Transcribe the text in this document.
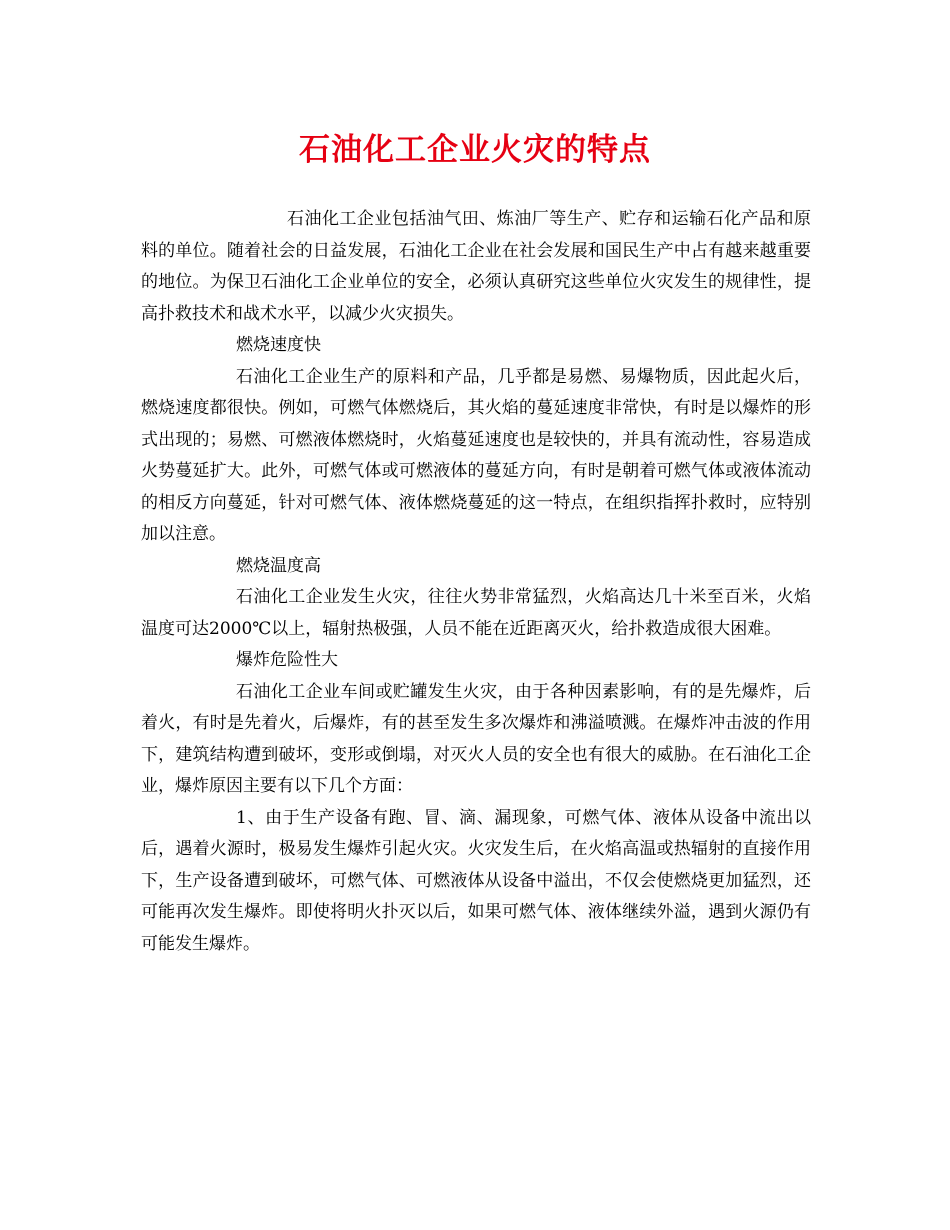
石油化工企业火灾的特点

石油化工企业包括油气田、炼油厂等生产、贮存和运输石化产品和原料的单位。随着社会的日益发展，石油化工企业在社会发展和国民生产中占有越来越重要的地位。为保卫石油化工企业单位的安全，必须认真研究这些单位火灾发生的规律性，提高扑救技术和战术水平，以减少火灾损失。

燃烧速度快

石油化工企业生产的原料和产品，几乎都是易燃、易爆物质，因此起火后，燃烧速度都很快。例如，可燃气体燃烧后，其火焰的蔓延速度非常快，有时是以爆炸的形式出现的；易燃、可燃液体燃烧时，火焰蔓延速度也是较快的，并具有流动性，容易造成火势蔓延扩大。此外，可燃气体或可燃液体的蔓延方向，有时是朝着可燃气体或液体流动的相反方向蔓延，针对可燃气体、液体燃烧蔓延的这一特点，在组织指挥扑救时，应特别加以注意。

燃烧温度高

石油化工企业发生火灾，往往火势非常猛烈，火焰高达几十米至百米，火焰温度可达2000℃以上，辐射热极强，人员不能在近距离灭火，给扑救造成很大困难。

爆炸危险性大

石油化工企业车间或贮罐发生火灾，由于各种因素影响，有的是先爆炸，后着火，有时是先着火，后爆炸，有的甚至发生多次爆炸和沸溢喷溅。在爆炸冲击波的作用下，建筑结构遭到破坏，变形或倒塌，对灭火人员的安全也有很大的威胁。在石油化工企业，爆炸原因主要有以下几个方面：

1、由于生产设备有跑、冒、滴、漏现象，可燃气体、液体从设备中流出以后，遇着火源时，极易发生爆炸引起火灾。火灾发生后，在火焰高温或热辐射的直接作用下，生产设备遭到破坏，可燃气体、可燃液体从设备中溢出，不仅会使燃烧更加猛烈，还可能再次发生爆炸。即使将明火扑灭以后，如果可燃气体、液体继续外溢，遇到火源仍有可能发生爆炸。
